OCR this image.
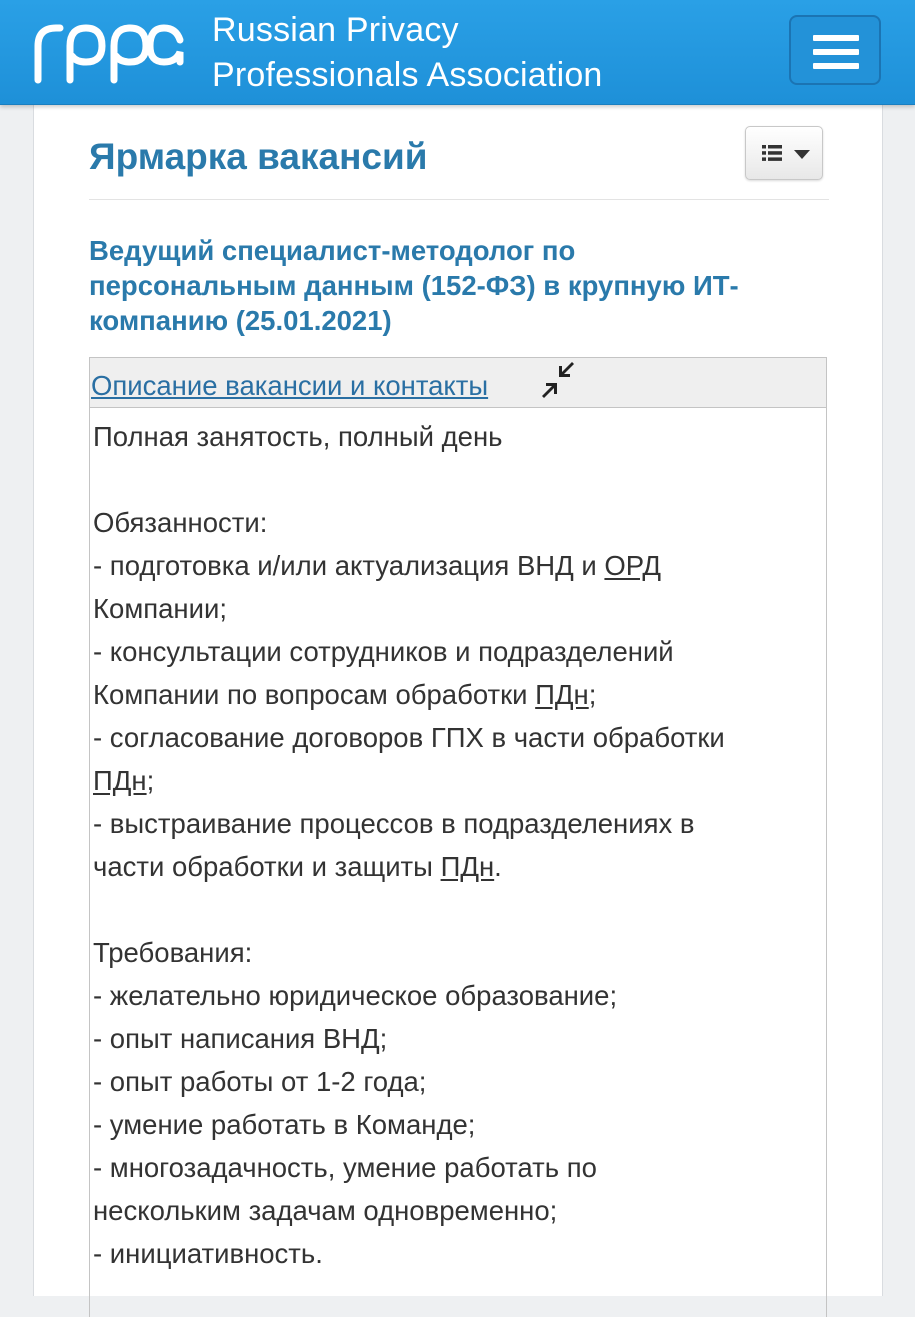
Russian Privacy
Professionals Association
Ярмарка вакансий
Ведущий специалист-методолог по
персональным данным (152-ФЗ) в крупную ИТ-
компанию (25.01.2021)
Описание вакансии и контакты
Полная занятость, полный день
Обязанности:
- подготовка и/или актуализация ВНД и ОРД
Компании;
- консультации сотрудников и подразделений
Компании по вопросам обработки ПДн;
- согласование договоров ГПХ в части обработки
ПДн;
- выстраивание процессов в подразделениях в
части обработки и защиты ПДн.
Требования:
- желательно юридическое образование;
- опыт написания ВНД;
- опыт работы от 1-2 года;
- умение работать в Команде;
- многозадачность, умение работать по
нескольким задачам одновременно;
- инициативность.
